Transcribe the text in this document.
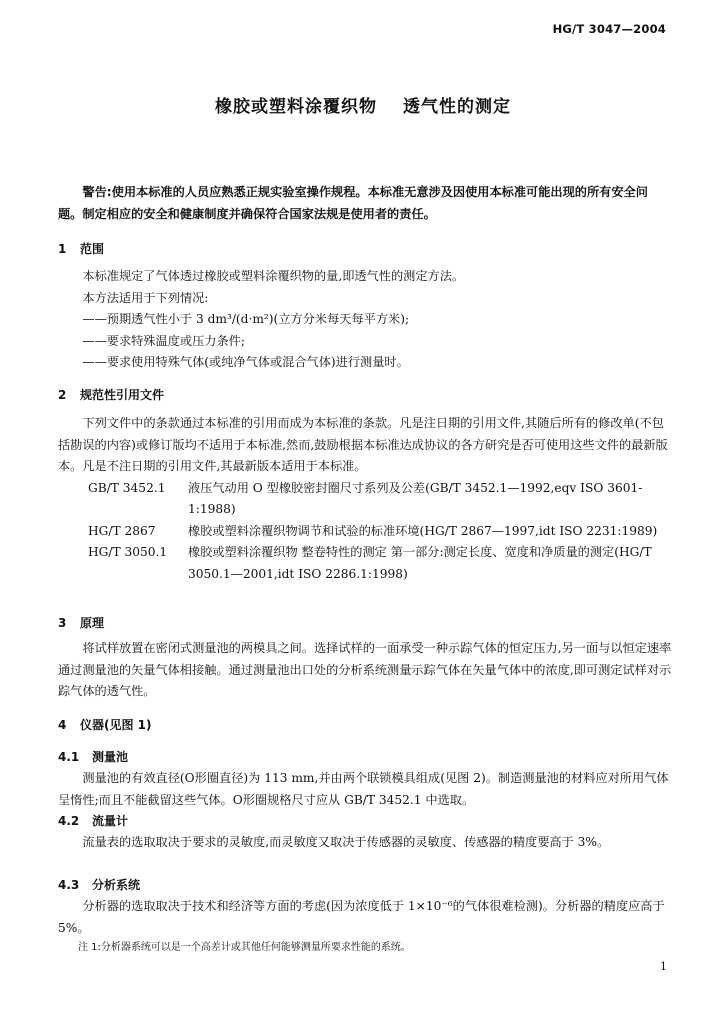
HG/T 3047—2004
橡胶或塑料涂覆织物 透气性的测定

警告:使用本标准的人员应熟悉正规实验室操作规程。本标准无意涉及因使用本标准可能出现的所有安全问题。制定相应的安全和健康制度并确保符合国家法规是使用者的责任。

1 范围

本标准规定了气体透过橡胶或塑料涂覆织物的量,即透气性的测定方法。

本方法适用于下列情况:

——预期透气性小于 3 dm³/(d·m²)(立方分米每天每平方米);

——要求特殊温度或压力条件;

——要求使用特殊气体(或纯净气体或混合气体)进行测量时。

2 规范性引用文件

下列文件中的条款通过本标准的引用而成为本标准的条款。凡是注日期的引用文件,其随后所有的修改单(不包括勘误的内容)或修订版均不适用于本标准,然而,鼓励根据本标准达成协议的各方研究是否可使用这些文件的最新版本。凡是不注日期的引用文件,其最新版本适用于本标准。

GB/T 3452.1	液压气动用 O 型橡胶密封圈尺寸系列及公差(GB/T 3452.1—1992,eqv ISO 3601-1:1988)
HG/T 2867	橡胶或塑料涂覆织物调节和试验的标准环境(HG/T 2867—1997,idt ISO 2231:1989)
HG/T 3050.1	橡胶或塑料涂覆织物 整卷特性的测定 第一部分:测定长度、宽度和净质量的测定(HG/T 3050.1—2001,idt ISO 2286.1:1998)
3 原理

将试样放置在密闭式测量池的两模具之间。选择试样的一面承受一种示踪气体的恒定压力,另一面与以恒定速率通过测量池的矢量气体相接触。通过测量池出口处的分析系统测量示踪气体在矢量气体中的浓度,即可测定试样对示踪气体的透气性。

4 仪器(见图 1)
4.1 测量池

测量池的有效直径(O形圈直径)为 113 mm,并由两个联锁模具组成(见图 2)。制造测量池的材料应对所用气体呈惰性;而且不能截留这些气体。O形圈规格尺寸应从 GB/T 3452.1 中选取。

4.2 流量计

流量表的选取取决于要求的灵敏度,而灵敏度又取决于传感器的灵敏度、传感器的精度要高于 3%。

4.3 分析系统

分析器的选取取决于技术和经济等方面的考虑(因为浓度低于 1×10⁻⁶的气体很难检测)。分析器的精度应高于 5%。

注 1:分析器系统可以是一个高差计或其他任何能够测量所要求性能的系统。

1
